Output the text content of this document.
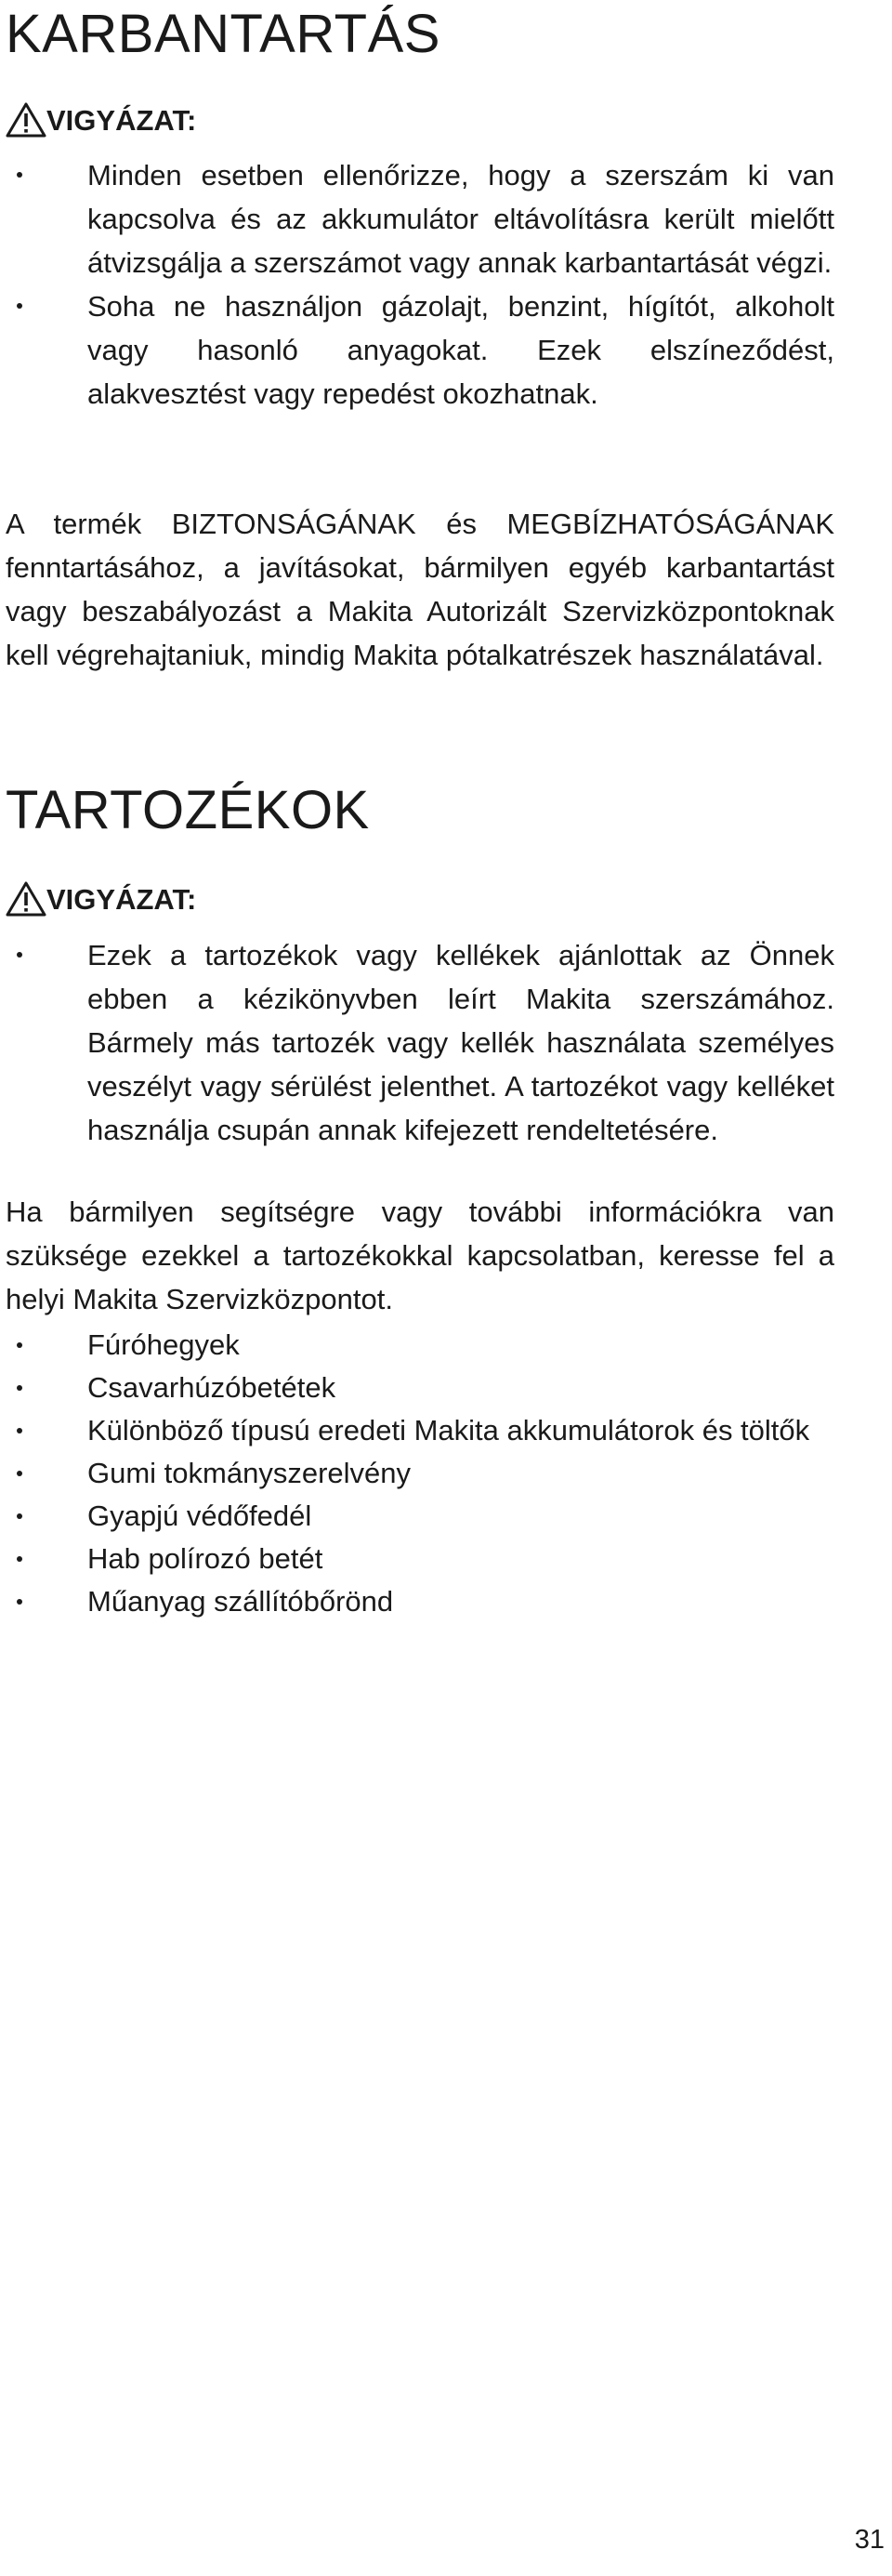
KARBANTARTÁS
VIGYÁZAT:
Minden esetben ellenőrizze, hogy a szerszám ki van kapcsolva és az akkumulátor eltávolításra került mielőtt átvizsgálja a szerszámot vagy annak karbantartását végzi.
Soha ne használjon gázolajt, benzint, hígítót, alkoholt vagy hasonló anyagokat. Ezek elszíneződést, alakvesztést vagy repedést okozhatnak.

A termék BIZTONSÁGÁNAK és MEGBÍZHATÓSÁGÁNAK fenntartásához, a javításokat, bármilyen egyéb karbantartást vagy beszabályozást a Makita Autorizált Szervizközpontoknak kell végrehajtaniuk, mindig Makita pótalkatrészek használatával.

TARTOZÉKOK
VIGYÁZAT:
Ezek a tartozékok vagy kellékek ajánlottak az Önnek ebben a kézikönyvben leírt Makita szerszámához. Bármely más tartozék vagy kellék használata személyes veszélyt vagy sérülést jelenthet. A tartozékot vagy kelléket használja csupán annak kifejezett rendeltetésére.

Ha bármilyen segítségre vagy további információkra van szüksége ezekkel a tartozékokkal kapcsolatban, keresse fel a helyi Makita Szervizközpontot.

Fúróhegyek
Csavarhúzóbetétek
Különböző típusú eredeti Makita akkumulátorok és töltők
Gumi tokmányszerelvény
Gyapjú védőfedél
Hab polírozó betét
Műanyag szállítóbőrönd
31
